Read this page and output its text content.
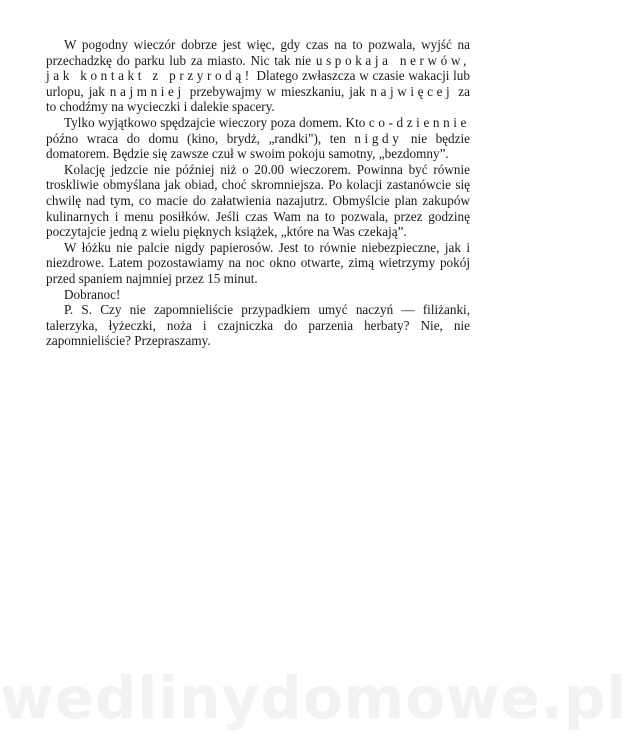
W pogodny wieczór dobrze jest więc, gdy czas na to pozwala, wyjść na przechadzkę do parku lub za miasto. Nic tak nie uspokaja nerwów, jak kontakt z przyrodą! Dlatego zwłaszcza w czasie wakacji lub urlopu, jak najmniej przebywajmy w mieszkaniu, jak najwięcej za to chodźmy na wycieczki i dalekie spacery.

Tylko wyjątkowo spędzajcie wieczory poza domem. Kto co-dziennie późno wraca do domu (kino, brydż, „randki"), ten nigdy nie będzie domatorem. Będzie się zawsze czuł w swoim pokoju samotny, „bezdomny”.

Kolację jedzcie nie później niż o 20.00 wieczorem. Powinna być równie troskliwie obmyślana jak obiad, choć skromniejsza. Po kolacji zastanówcie się chwilę nad tym, co macie do załatwienia nazajutrz. Obmyślcie plan zakupów kulinarnych i menu posiłków. Jeśli czas Wam na to pozwala, przez godzinę poczytajcie jedną z wielu pięknych książek, „które na Was czekają”.

W łóżku nie palcie nigdy papierosów. Jest to równie niebezpieczne, jak i niezdrowe. Latem pozostawiamy na noc okno otwarte, zimą wietrzymy pokój przed spaniem najmniej przez 15 minut.

Dobranoc!

P. S. Czy nie zapomnieliście przypadkiem umyć naczyń — filiżanki, talerzyka, łyżeczki, noża i czajniczka do parzenia herbaty? Nie, nie zapomnieliście? Przepraszamy.

wedlinydomowe.pl
